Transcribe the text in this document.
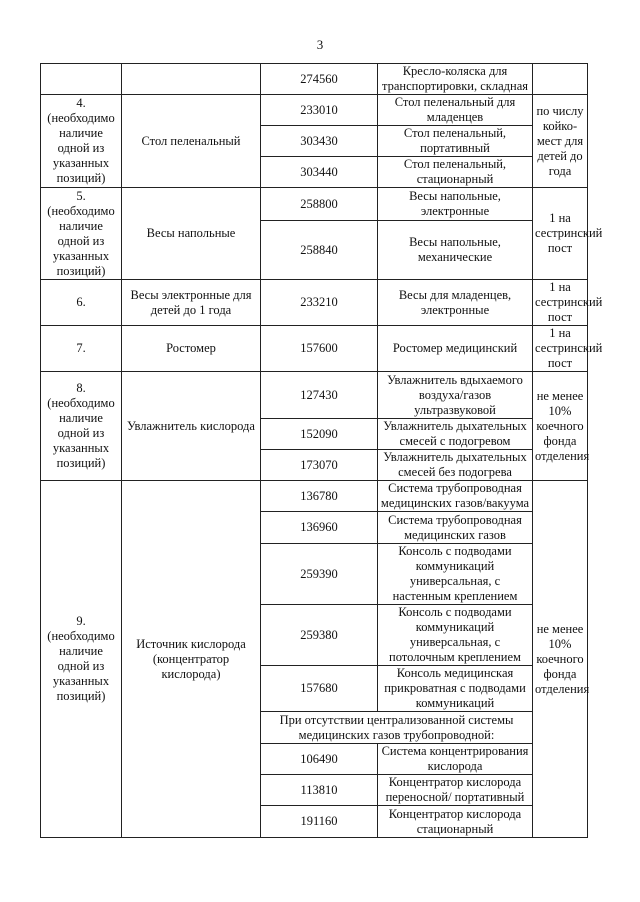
3
		274560	Кресло-коляска для транспортировки, складная	
4.
(необходимо наличие одной из указанных позиций)	Стол пеленальный	233010	Стол пеленальный для младенцев	по числу койко-мест для детей до года
		303430	Стол пеленальный, портативный	
		303440	Стол пеленальный, стационарный	
5.
(необходимо наличие одной из указанных позиций)	Весы напольные	258800	Весы напольные, электронные	1 на сестринский пост
		258840	Весы напольные, механические	
6.	Весы электронные для детей до 1 года	233210	Весы для младенцев, электронные	1 на сестринский пост
7.	Ростомер	157600	Ростомер медицинский	1 на сестринский пост
8.
(необходимо наличие одной из указанных позиций)	Увлажнитель кислорода	127430	Увлажнитель вдыхаемого воздуха/газов ультразвуковой	не менее 10% коечного фонда отделения
		152090	Увлажнитель дыхательных смесей с подогревом	
		173070	Увлажнитель дыхательных смесей без подогрева	
9.
(необходимо наличие одной из указанных позиций)	Источник кислорода (концентратор кислорода)	136780	Система трубопроводная медицинских газов/вакуума	не менее 10% коечного фонда отделения
		136960	Система трубопроводная медицинских газов	
		259390	Консоль с подводами коммуникаций универсальная, с настенным креплением	
		259380	Консоль с подводами коммуникаций универсальная, с потолочным креплением	
		157680	Консоль медицинская прикроватная с подводами коммуникаций	
		При отсутствии централизованной системы медицинских газов трубопроводной:		
		106490	Система концентрирования кислорода	
		113810	Концентратор кислорода переносной/ портативный	
		191160	Концентратор кислорода стационарный	
